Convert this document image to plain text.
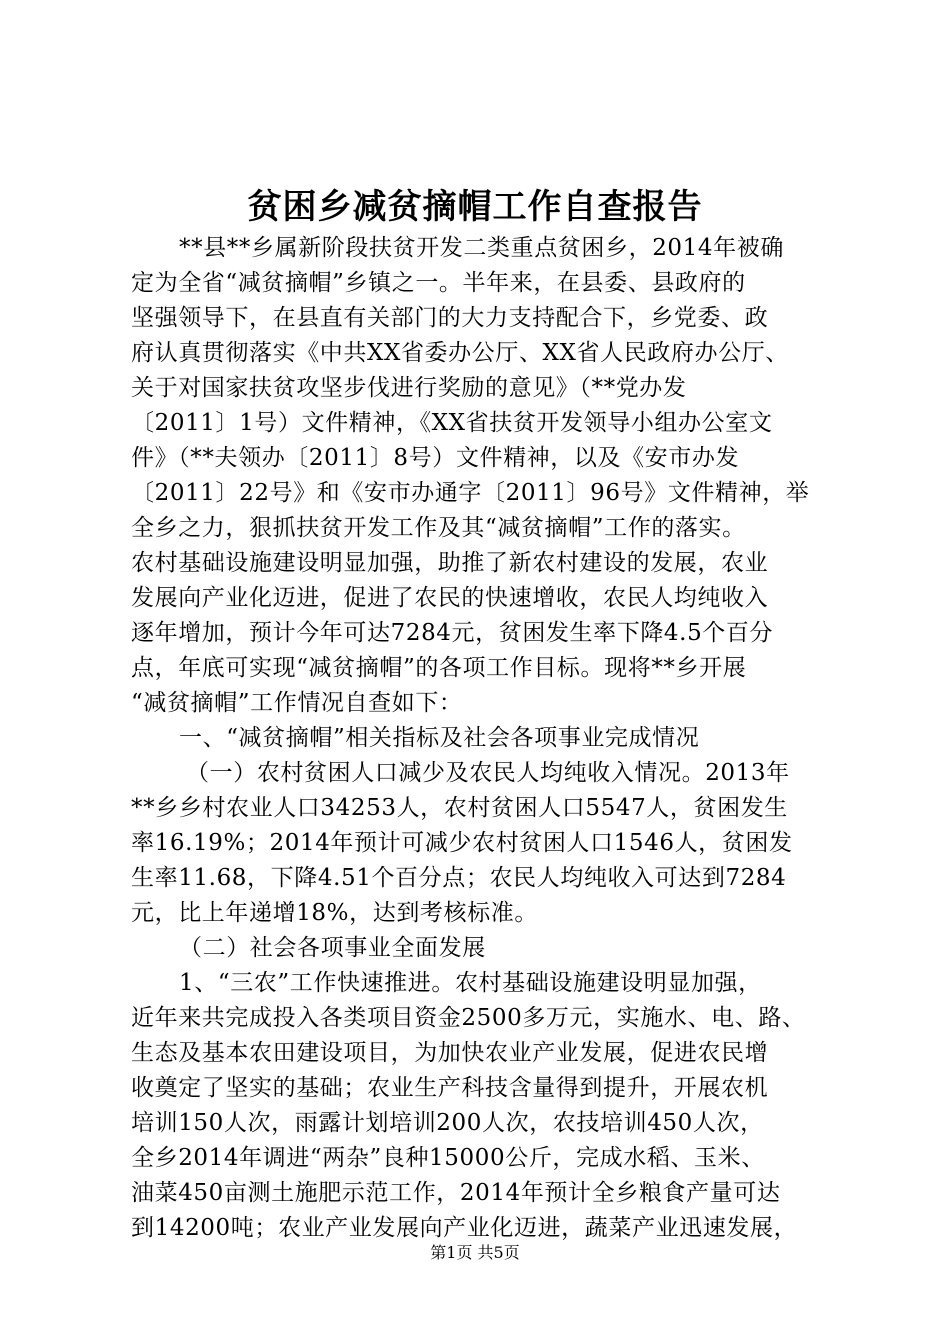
贫困乡减贫摘帽工作自查报告
**县**乡属新阶段扶贫开发二类重点贫困乡，2014年被确
定为全省“减贫摘帽”乡镇之一。半年来，在县委、县政府的
坚强领导下，在县直有关部门的大力支持配合下，乡党委、政
府认真贯彻落实《中共XX省委办公厅、XX省人民政府办公厅、
关于对国家扶贫攻坚步伐进行奖励的意见》（**党办发
〔2011〕1号）文件精神，《XX省扶贫开发领导小组办公室文
件》（**夫领办〔2011〕8号）文件精神，以及《安市办发
〔2011〕22号》和《安市办通字〔2011〕96号》文件精神，举
全乡之力，狠抓扶贫开发工作及其“减贫摘帽”工作的落实。
农村基础设施建设明显加强，助推了新农村建设的发展，农业
发展向产业化迈进，促进了农民的快速增收，农民人均纯收入
逐年增加，预计今年可达7284元，贫困发生率下降4.5个百分
点，年底可实现“减贫摘帽”的各项工作目标。现将**乡开展
“减贫摘帽”工作情况自查如下：
一、“减贫摘帽”相关指标及社会各项事业完成情况
（一）农村贫困人口减少及农民人均纯收入情况。2013年
**乡乡村农业人口34253人，农村贫困人口5547人，贫困发生
率16.19%；2014年预计可减少农村贫困人口1546人，贫困发
生率11.68，下降4.51个百分点；农民人均纯收入可达到7284
元，比上年递增18%，达到考核标准。
（二）社会各项事业全面发展
1、“三农”工作快速推进。农村基础设施建设明显加强，
近年来共完成投入各类项目资金2500多万元，实施水、电、路、
生态及基本农田建设项目，为加快农业产业发展，促进农民增
收奠定了坚实的基础；农业生产科技含量得到提升，开展农机
培训150人次，雨露计划培训200人次，农技培训450人次，
全乡2014年调进“两杂”良种15000公斤，完成水稻、玉米、
油菜450亩测土施肥示范工作，2014年预计全乡粮食产量可达
到14200吨；农业产业发展向产业化迈进，蔬菜产业迅速发展，
第1页 共5页
